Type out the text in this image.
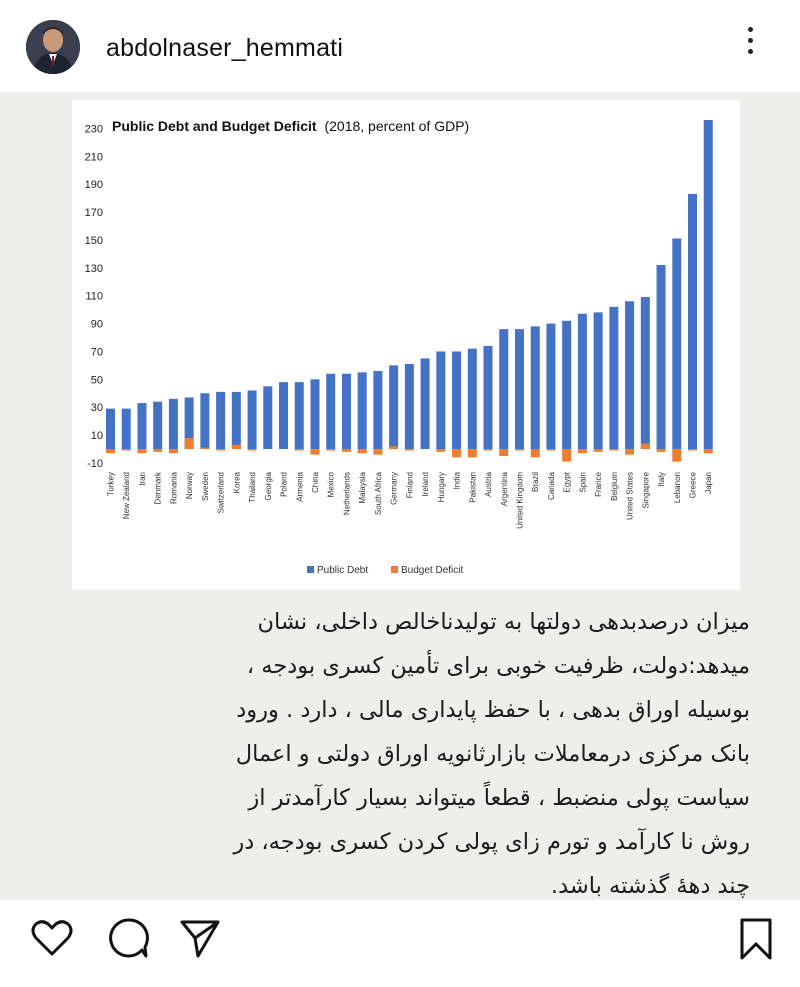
abdolnaser_hemmati
Public Debt and Budget Deficit (2018, percent of GDP)
230
210
190
170
150
130
110
90
70
50
30
10
-10
Turkey New Zealand Iran Denmark Romania Norway Sweden Switzerland Korea Thailand Georgia Poland Armenia China Mexico Netherlands Malaysia South Africa Germany Finland Ireland Hungary India Pakistan Austria Argentina United Kingdom Brazil Canada Egypt Spain France Belgium United States Singapore Italy Lebanon Greece Japan
Public Debt	Budget Deficit
میزان درصدبدهی دولتها به تولیدناخالص داخلی، نشان
میدهد:دولت، ظرفیت خوبی برای تأمین کسری بودجه ،
بوسیله اوراق بدهی ، با حفظ پایداری مالی ، دارد . ورود
بانک مرکزی درمعاملات بازارثانویه اوراق دولتی و اعمال
سیاست پولی منضبط ، قطعاً میتواند بسیار کارآمدتر از
روش نا کارآمد و تورم زای پولی کردن کسری بودجه، در
چند دههٔ گذشته باشد.
